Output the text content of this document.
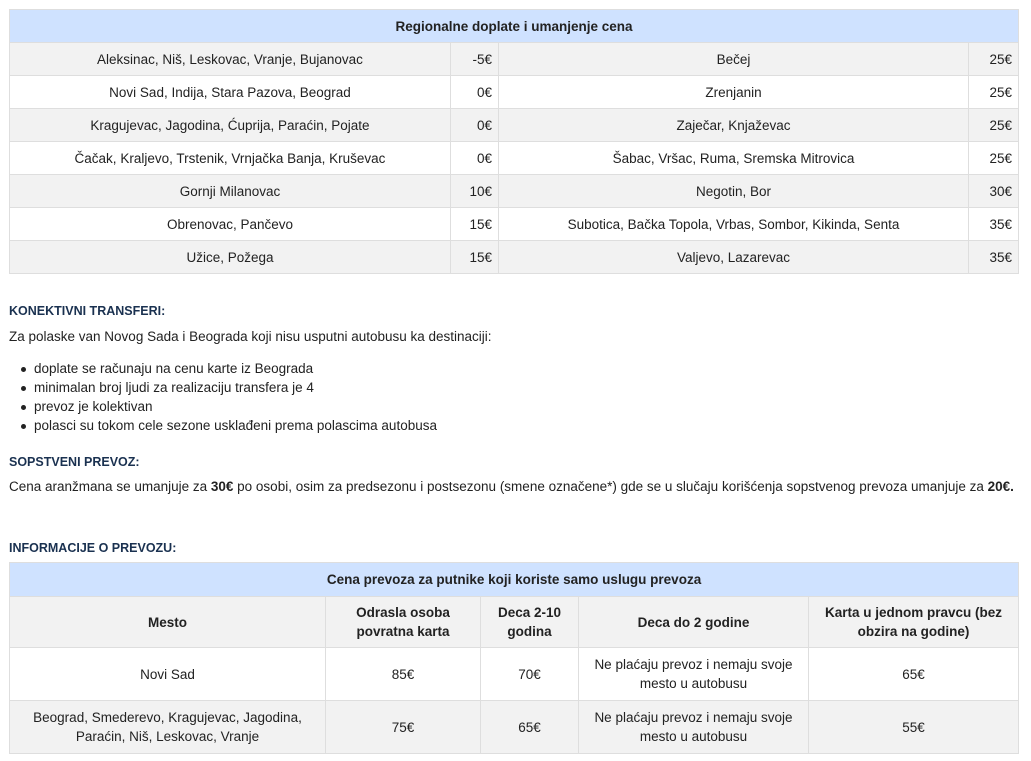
Regionalne doplate i umanjenje cena			
Aleksinac, Niš, Leskovac, Vranje, Bujanovac	-5€	Bečej	25€
Novi Sad, Indija, Stara Pazova, Beograd	0€	Zrenjanin	25€
Kragujevac, Jagodina, Ćuprija, Paraćin, Pojate	0€	Zaječar, Knjaževac	25€
Čačak, Kraljevo, Trstenik, Vrnjačka Banja, Kruševac	0€	Šabac, Vršac, Ruma, Sremska Mitrovica	25€
Gornji Milanovac	10€	Negotin, Bor	30€
Obrenovac, Pančevo	15€	Subotica, Bačka Topola, Vrbas, Sombor, Kikinda, Senta	35€
Užice, Požega	15€	Valjevo, Lazarevac	35€
KONEKTIVNI TRANSFERI:
Za polaske van Novog Sada i Beograda koji nisu usputni autobusu ka destinaciji:
doplate se računaju na cenu karte iz Beograda
minimalan broj ljudi za realizaciju transfera je 4
prevoz je kolektivan
polasci su tokom cele sezone usklađeni prema polascima autobusa
SOPSTVENI PREVOZ:
Cena aranžmana se umanjuje za 30€ po osobi, osim za predsezonu i postsezonu (smene označene*) gde se u slučaju korišćenja sopstvenog prevoza umanjuje za 20€.
INFORMACIJE O PREVOZU:
Cena prevoza za putnike koji koriste samo uslugu prevoza				
Mesto	Odrasla osoba povratna karta	Deca 2-10 godina	Deca do 2 godine	Karta u jednom pravcu (bez obzira na godine)
Novi Sad	85€	70€	Ne plaćaju prevoz i nemaju svoje mesto u autobusu	65€
Beograd, Smederevo, Kragujevac, Jagodina, Paraćin, Niš, Leskovac, Vranje	75€	65€	Ne plaćaju prevoz i nemaju svoje mesto u autobusu	55€
